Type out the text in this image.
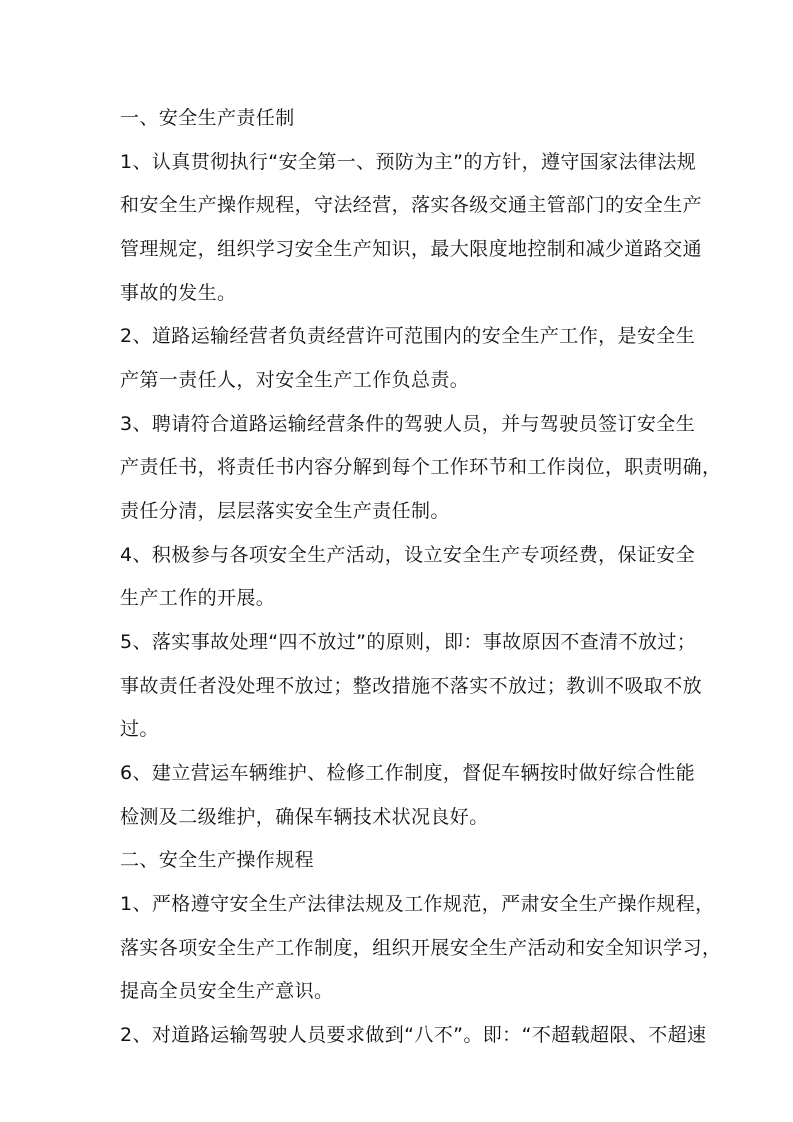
一、安全生产责任制
1、认真贯彻执行“安全第一、预防为主”的方针，遵守国家法律法规
和安全生产操作规程，守法经营，落实各级交通主管部门的安全生产
管理规定，组织学习安全生产知识，最大限度地控制和减少道路交通
事故的发生。
2、道路运输经营者负责经营许可范围内的安全生产工作，是安全生
产第一责任人，对安全生产工作负总责。
3、聘请符合道路运输经营条件的驾驶人员，并与驾驶员签订安全生
产责任书，将责任书内容分解到每个工作环节和工作岗位，职责明确，
责任分清，层层落实安全生产责任制。
4、积极参与各项安全生产活动，设立安全生产专项经费，保证安全
生产工作的开展。
5、落实事故处理“四不放过”的原则，即：事故原因不查清不放过；
事故责任者没处理不放过；整改措施不落实不放过；教训不吸取不放
过。
6、建立营运车辆维护、检修工作制度，督促车辆按时做好综合性能
检测及二级维护，确保车辆技术状况良好。
二、安全生产操作规程
1、严格遵守安全生产法律法规及工作规范，严肃安全生产操作规程，
落实各项安全生产工作制度，组织开展安全生产活动和安全知识学习，
提高全员安全生产意识。
2、对道路运输驾驶人员要求做到“八不”。即：“不超载超限、不超速
